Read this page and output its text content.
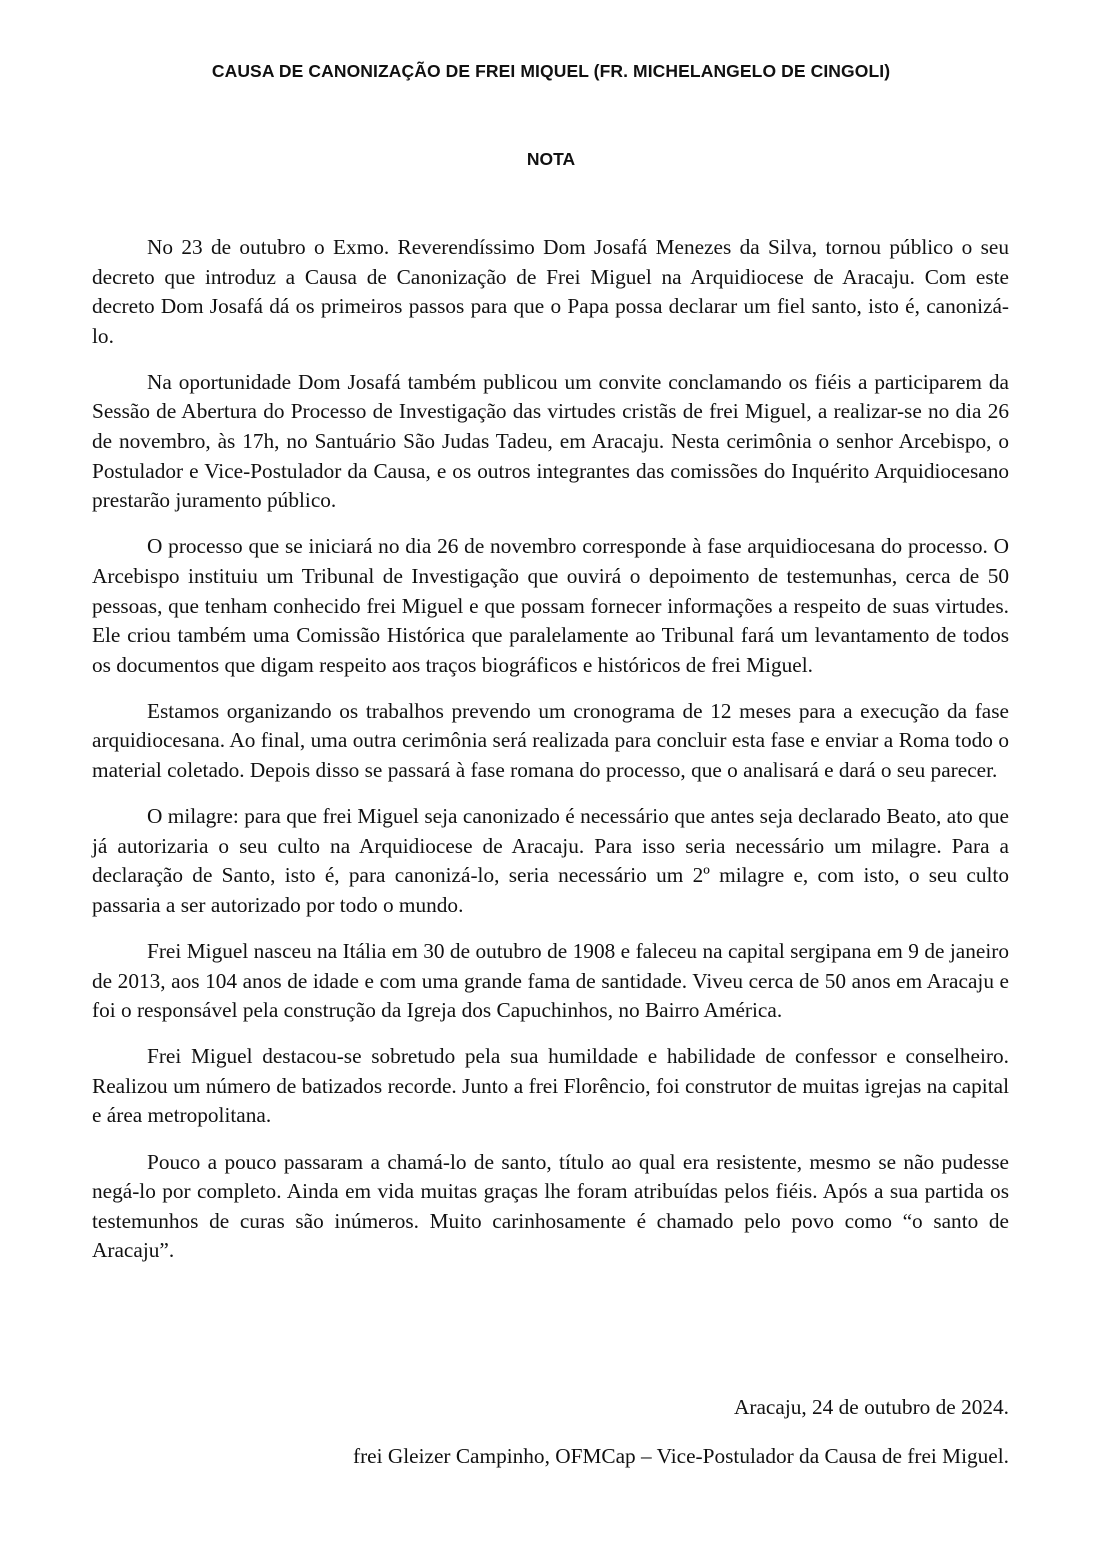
CAUSA DE CANONIZAÇÃO DE FREI MIQUEL (FR. MICHELANGELO DE CINGOLI)
NOTA

No 23 de outubro o Exmo. Reverendíssimo Dom Josafá Menezes da Silva, tornou público o seu decreto que introduz a Causa de Canonização de Frei Miguel na Arquidiocese de Aracaju. Com este decreto Dom Josafá dá os primeiros passos para que o Papa possa declarar um fiel santo, isto é, canonizá-lo.

Na oportunidade Dom Josafá também publicou um convite conclamando os fiéis a participarem da Sessão de Abertura do Processo de Investigação das virtudes cristãs de frei Miguel, a realizar-se no dia 26 de novembro, às 17h, no Santuário São Judas Tadeu, em Aracaju. Nesta cerimônia o senhor Arcebispo, o Postulador e Vice-Postulador da Causa, e os outros integrantes das comissões do Inquérito Arquidiocesano prestarão juramento público.

O processo que se iniciará no dia 26 de novembro corresponde à fase arquidiocesana do processo. O Arcebispo instituiu um Tribunal de Investigação que ouvirá o depoimento de testemunhas, cerca de 50 pessoas, que tenham conhecido frei Miguel e que possam fornecer informações a respeito de suas virtudes. Ele criou também uma Comissão Histórica que paralelamente ao Tribunal fará um levantamento de todos os documentos que digam respeito aos traços biográficos e históricos de frei Miguel.

Estamos organizando os trabalhos prevendo um cronograma de 12 meses para a execução da fase arquidiocesana. Ao final, uma outra cerimônia será realizada para concluir esta fase e enviar a Roma todo o material coletado. Depois disso se passará à fase romana do processo, que o analisará e dará o seu parecer.

O milagre: para que frei Miguel seja canonizado é necessário que antes seja declarado Beato, ato que já autorizaria o seu culto na Arquidiocese de Aracaju. Para isso seria necessário um milagre. Para a declaração de Santo, isto é, para canonizá-lo, seria necessário um 2º milagre e, com isto, o seu culto passaria a ser autorizado por todo o mundo.

Frei Miguel nasceu na Itália em 30 de outubro de 1908 e faleceu na capital sergipana em 9 de janeiro de 2013, aos 104 anos de idade e com uma grande fama de santidade. Viveu cerca de 50 anos em Aracaju e foi o responsável pela construção da Igreja dos Capuchinhos, no Bairro América.

Frei Miguel destacou-se sobretudo pela sua humildade e habilidade de confessor e conselheiro. Realizou um número de batizados recorde. Junto a frei Florêncio, foi construtor de muitas igrejas na capital e área metropolitana.

Pouco a pouco passaram a chamá-lo de santo, título ao qual era resistente, mesmo se não pudesse negá-lo por completo. Ainda em vida muitas graças lhe foram atribuídas pelos fiéis. Após a sua partida os testemunhos de curas são inúmeros. Muito carinhosamente é chamado pelo povo como “o santo de Aracaju”.

Aracaju, 24 de outubro de 2024.

frei Gleizer Campinho, OFMCap – Vice-Postulador da Causa de frei Miguel.
